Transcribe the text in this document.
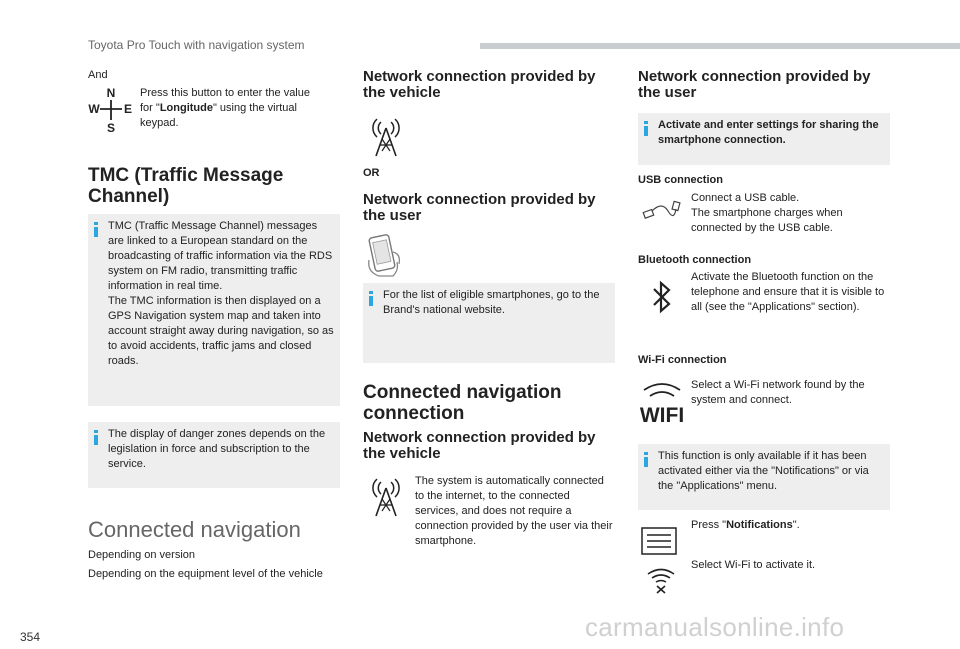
Toyota Pro Touch with navigation system
And
N
E
S
W
Press this button to enter the value for "Longitude" using the virtual keypad.
TMC (Traffic Message Channel)
TMC (Traffic Message Channel) messages are linked to a European standard on the broadcasting of traffic information via the RDS system on FM radio, transmitting traffic information in real time.
The TMC information is then displayed on a GPS Navigation system map and taken into account straight away during navigation, so as to avoid accidents, traffic jams and closed roads.
The display of danger zones depends on the legislation in force and subscription to the service.
Connected navigation
Depending on version
Depending on the equipment level of the vehicle
Network connection provided by the vehicle
OR
Network connection provided by the user
For the list of eligible smartphones, go to the Brand's national website.
Connected navigation connection
Network connection provided by the vehicle
The system is automatically connected to the internet, to the connected services, and does not require a connection provided by the user via their smartphone.
Network connection provided by the user
Activate and enter settings for sharing the smartphone connection.
USB connection
Connect a USB cable.
The smartphone charges when connected by the USB cable.
Bluetooth connection
Activate the Bluetooth function on the telephone and ensure that it is visible to all (see the "Applications" section).
Wi-Fi connection
WIFI
Select a Wi-Fi network found by the system and connect.
This function is only available if it has been activated either via the "Notifications" or via the "Applications" menu.
Press "Notifications".
Select Wi-Fi to activate it.
354	carmanualsonline.info
